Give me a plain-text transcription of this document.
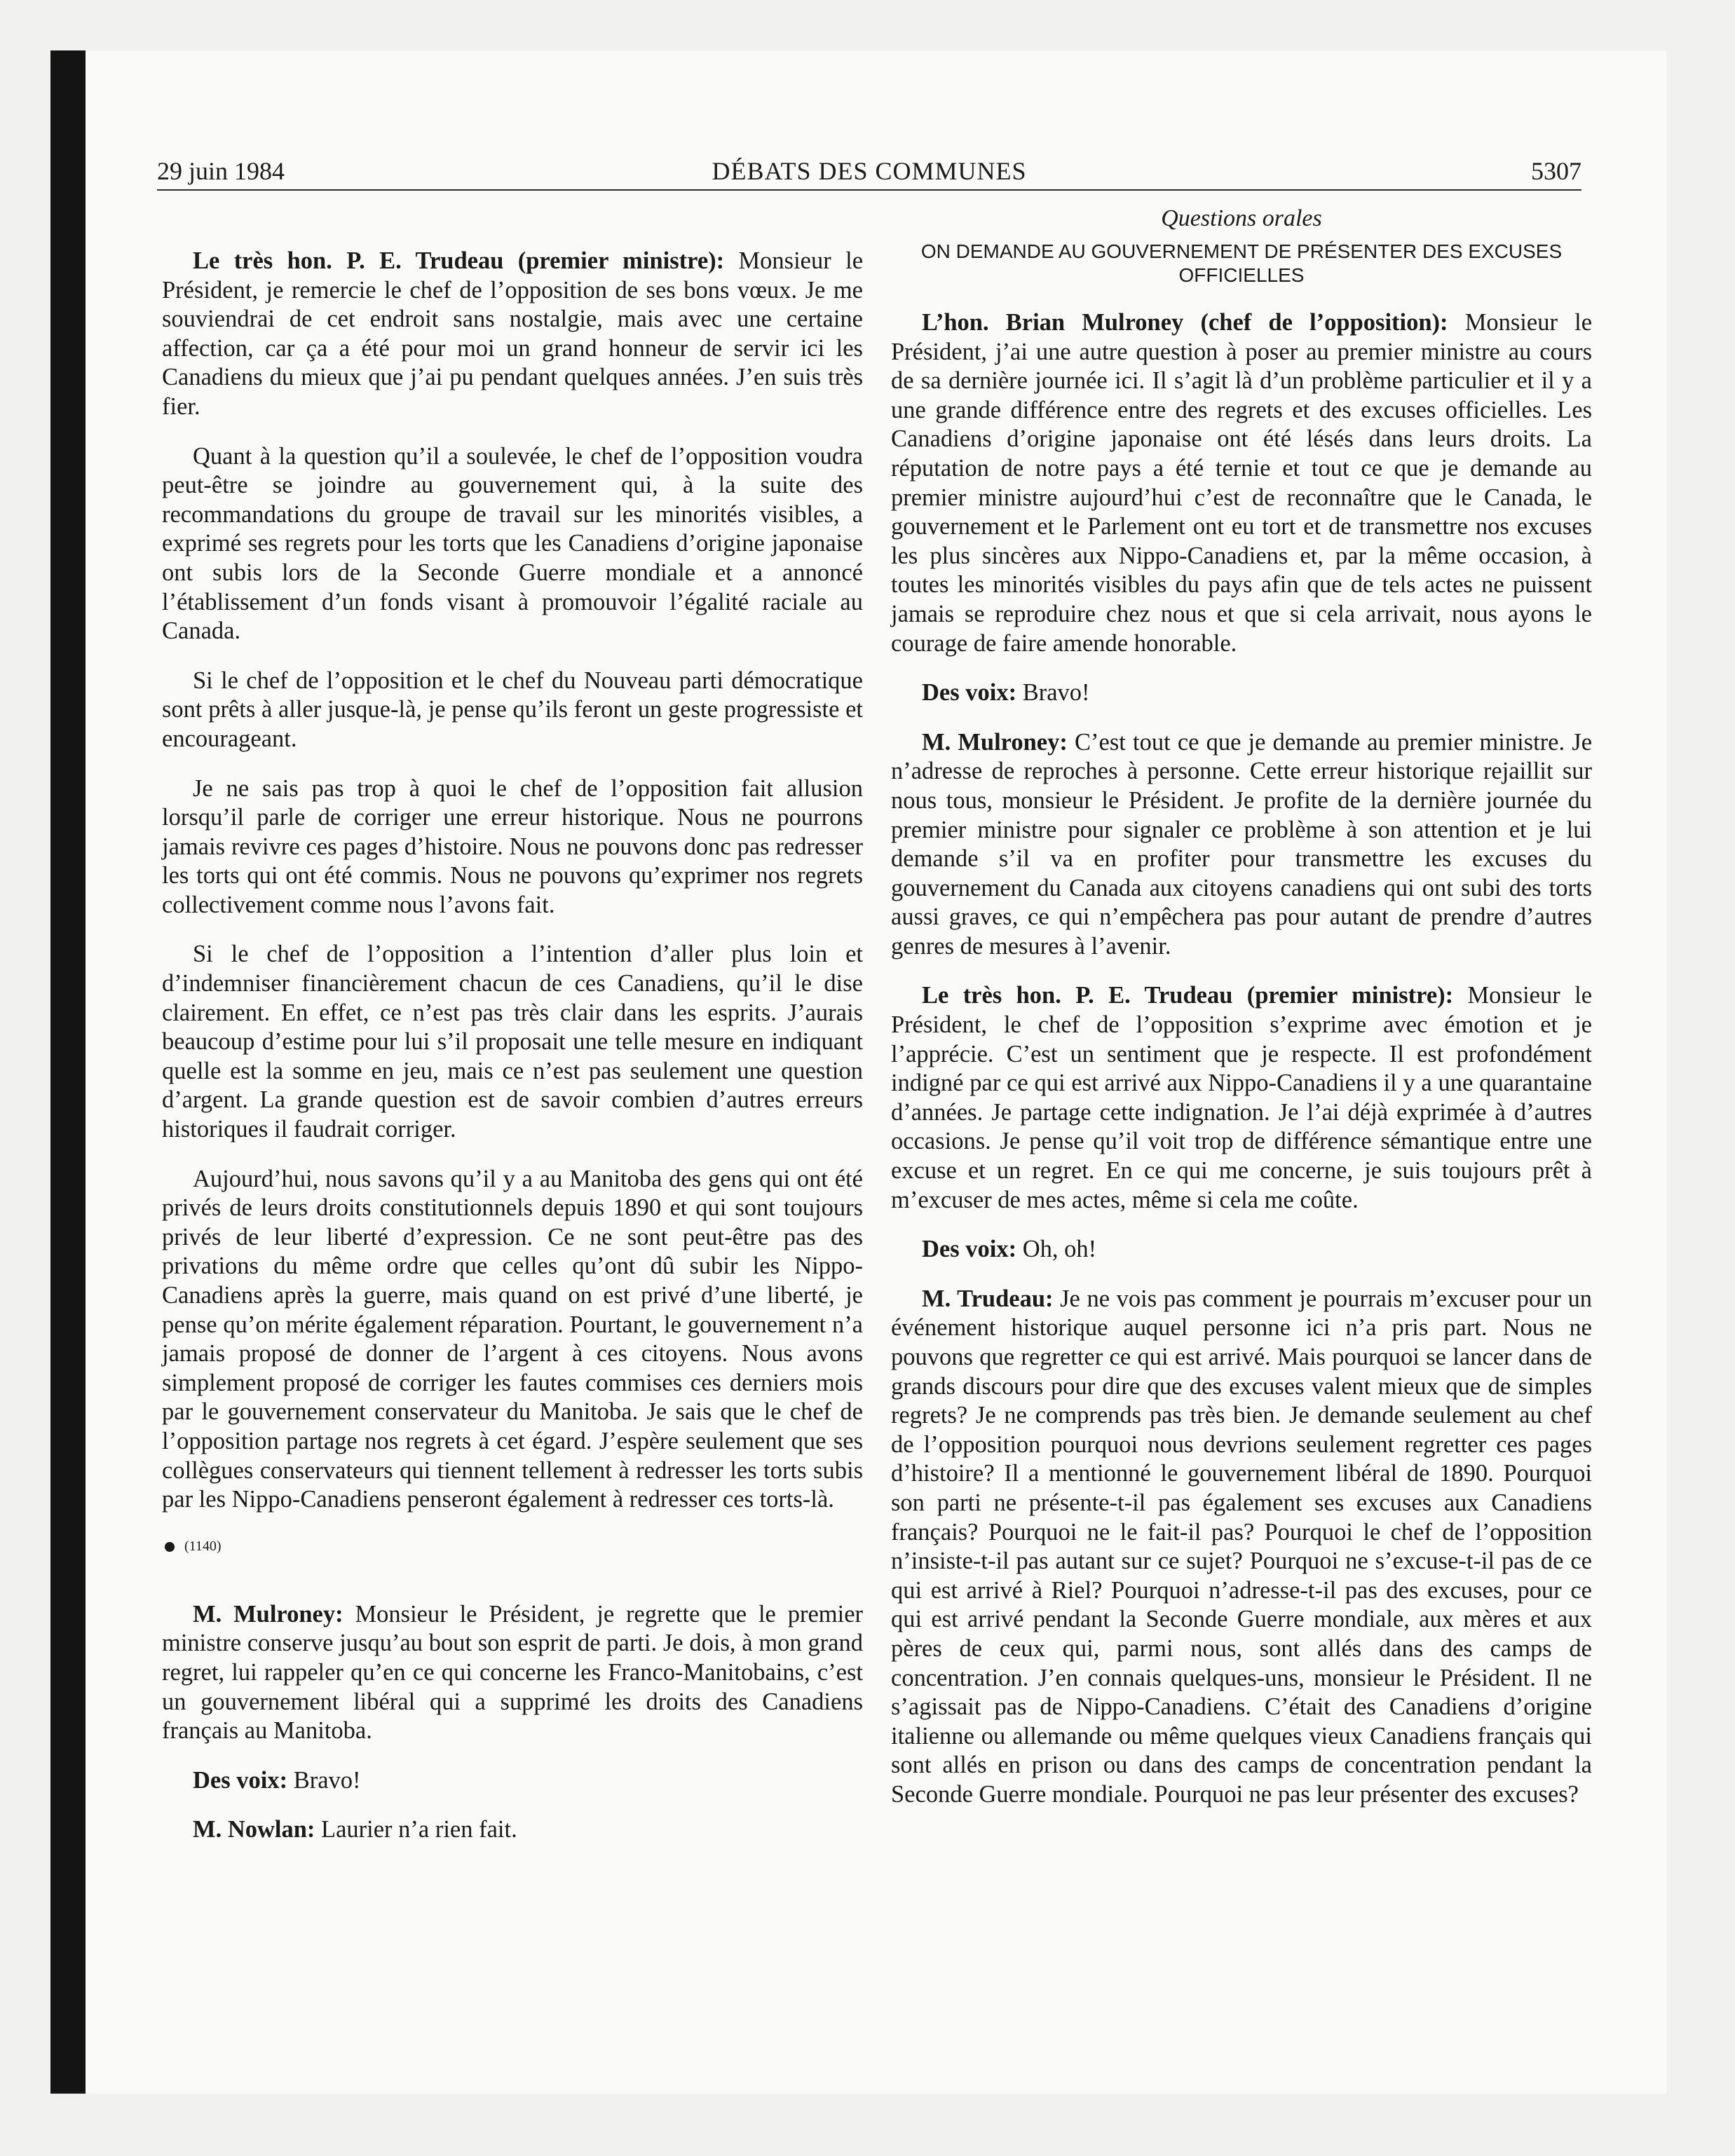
29 juin 1984	DÉBATS DES COMMUNES	5307

Le très hon. P. E. Trudeau (premier ministre): Monsieur le Président, je remercie le chef de l’opposition de ses bons vœux. Je me souviendrai de cet endroit sans nostalgie, mais avec une certaine affection, car ça a été pour moi un grand honneur de servir ici les Canadiens du mieux que j’ai pu pendant quelques années. J’en suis très fier.

Quant à la question qu’il a soulevée, le chef de l’opposition voudra peut-être se joindre au gouvernement qui, à la suite des recommandations du groupe de travail sur les minorités visibles, a exprimé ses regrets pour les torts que les Canadiens d’origine japonaise ont subis lors de la Seconde Guerre mondiale et a annoncé l’établissement d’un fonds visant à promouvoir l’égalité raciale au Canada.

Si le chef de l’opposition et le chef du Nouveau parti démocratique sont prêts à aller jusque-là, je pense qu’ils feront un geste progressiste et encourageant.

Je ne sais pas trop à quoi le chef de l’opposition fait allusion lorsqu’il parle de corriger une erreur historique. Nous ne pourrons jamais revivre ces pages d’histoire. Nous ne pouvons donc pas redresser les torts qui ont été commis. Nous ne pouvons qu’exprimer nos regrets collectivement comme nous l’avons fait.

Si le chef de l’opposition a l’intention d’aller plus loin et d’indemniser financièrement chacun de ces Canadiens, qu’il le dise clairement. En effet, ce n’est pas très clair dans les esprits. J’aurais beaucoup d’estime pour lui s’il proposait une telle mesure en indiquant quelle est la somme en jeu, mais ce n’est pas seulement une question d’argent. La grande question est de savoir combien d’autres erreurs historiques il faudrait corriger.

Aujourd’hui, nous savons qu’il y a au Manitoba des gens qui ont été privés de leurs droits constitutionnels depuis 1890 et qui sont toujours privés de leur liberté d’expression. Ce ne sont peut-être pas des privations du même ordre que celles qu’ont dû subir les Nippo-Canadiens après la guerre, mais quand on est privé d’une liberté, je pense qu’on mérite également réparation. Pourtant, le gouvernement n’a jamais proposé de donner de l’argent à ces citoyens. Nous avons simplement proposé de corriger les fautes commises ces derniers mois par le gouvernement conservateur du Manitoba. Je sais que le chef de l’opposition partage nos regrets à cet égard. J’espère seulement que ses collègues conservateurs qui tiennent tellement à redresser les torts subis par les Nippo-Canadiens penseront également à redresser ces torts-là.

(1140)

M. Mulroney: Monsieur le Président, je regrette que le premier ministre conserve jusqu’au bout son esprit de parti. Je dois, à mon grand regret, lui rappeler qu’en ce qui concerne les Franco-Manitobains, c’est un gouvernement libéral qui a supprimé les droits des Canadiens français au Manitoba.

Des voix: Bravo!

M. Nowlan: Laurier n’a rien fait.

Questions orales
ON DEMANDE AU GOUVERNEMENT DE PRÉSENTER DES EXCUSES OFFICIELLES

L’hon. Brian Mulroney (chef de l’opposition): Monsieur le Président, j’ai une autre question à poser au premier ministre au cours de sa dernière journée ici. Il s’agit là d’un problème particulier et il y a une grande différence entre des regrets et des excuses officielles. Les Canadiens d’origine japonaise ont été lésés dans leurs droits. La réputation de notre pays a été ternie et tout ce que je demande au premier ministre aujourd’hui c’est de reconnaître que le Canada, le gouvernement et le Parlement ont eu tort et de transmettre nos excuses les plus sincères aux Nippo-Canadiens et, par la même occasion, à toutes les minorités visibles du pays afin que de tels actes ne puissent jamais se reproduire chez nous et que si cela arrivait, nous ayons le courage de faire amende honorable.

Des voix: Bravo!

M. Mulroney: C’est tout ce que je demande au premier ministre. Je n’adresse de reproches à personne. Cette erreur historique rejaillit sur nous tous, monsieur le Président. Je profite de la dernière journée du premier ministre pour signaler ce problème à son attention et je lui demande s’il va en profiter pour transmettre les excuses du gouvernement du Canada aux citoyens canadiens qui ont subi des torts aussi graves, ce qui n’empêchera pas pour autant de prendre d’autres genres de mesures à l’avenir.

Le très hon. P. E. Trudeau (premier ministre): Monsieur le Président, le chef de l’opposition s’exprime avec émotion et je l’apprécie. C’est un sentiment que je respecte. Il est profondément indigné par ce qui est arrivé aux Nippo-Canadiens il y a une quarantaine d’années. Je partage cette indignation. Je l’ai déjà exprimée à d’autres occasions. Je pense qu’il voit trop de différence sémantique entre une excuse et un regret. En ce qui me concerne, je suis toujours prêt à m’excuser de mes actes, même si cela me coûte.

Des voix: Oh, oh!

M. Trudeau: Je ne vois pas comment je pourrais m’excuser pour un événement historique auquel personne ici n’a pris part. Nous ne pouvons que regretter ce qui est arrivé. Mais pourquoi se lancer dans de grands discours pour dire que des excuses valent mieux que de simples regrets? Je ne comprends pas très bien. Je demande seulement au chef de l’opposition pourquoi nous devrions seulement regretter ces pages d’histoire? Il a mentionné le gouvernement libéral de 1890. Pourquoi son parti ne présente-t-il pas également ses excuses aux Canadiens français? Pourquoi ne le fait-il pas? Pourquoi le chef de l’opposition n’insiste-t-il pas autant sur ce sujet? Pourquoi ne s’excuse-t-il pas de ce qui est arrivé à Riel? Pourquoi n’adresse-t-il pas des excuses, pour ce qui est arrivé pendant la Seconde Guerre mondiale, aux mères et aux pères de ceux qui, parmi nous, sont allés dans des camps de concentration. J’en connais quelques-uns, monsieur le Président. Il ne s’agissait pas de Nippo-Canadiens. C’était des Canadiens d’origine italienne ou allemande ou même quelques vieux Canadiens français qui sont allés en prison ou dans des camps de concentration pendant la Seconde Guerre mondiale. Pourquoi ne pas leur présenter des excuses?
